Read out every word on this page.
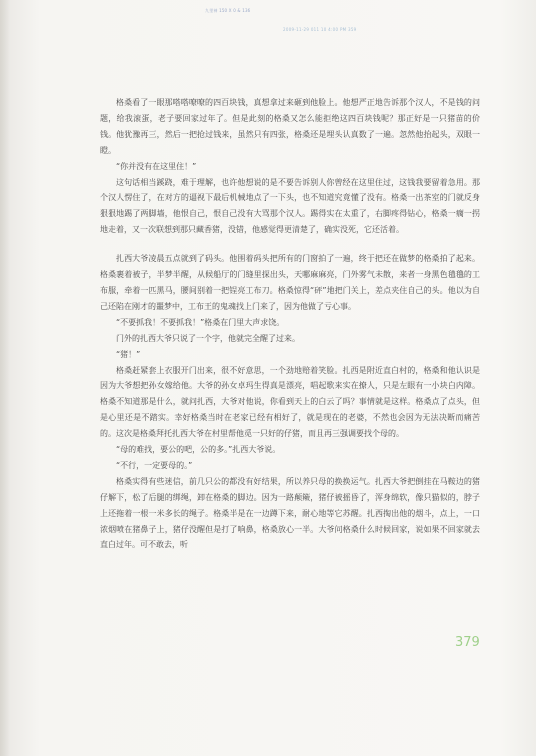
九里神 150 X 0 & 136
2009-11-29 011 10 4:00 PM 359

格桑看了一眼那嗒嗒嘹嘹的四百块钱，真想拿过来砸到他脸上。他想严正地告诉那个汉人，不是钱的问题，给我滚蛋，老子要回家过年了。但是此刻的格桑又怎么能拒绝这四百块钱呢？那正好是一只猪苗的价钱。他犹豫再三，然后一把抢过钱来，虽然只有四张，格桑还是埋头认真数了一遍。忽然他抬起头，双眼一瞪。

“你并没有在这里住！”

这句话相当蹊跷，难于理解，也许他想说的是不要告诉别人你曾经在这里住过，这钱我要留着急用。那个汉人愣住了，在对方的逼视下最后机械地点了一下头，也不知道究竟懂了没有。格桑一出茶室的门就反身狠狠地踢了两脚墙，他恨自己，恨自己没有大骂那个汉人。踢得实在太重了，右脚疼得钻心，格桑一瘸一拐地走着，又一次联想到那只藏香猪，没错，他感觉得更清楚了，确实没死，它还活着。

扎西大爷凌晨五点就到了码头。他围着码头把所有的门窗拍了一遍，终于把还在做梦的格桑拍了起来。格桑裹着被子，半梦半醒，从候船厅的门缝里探出头，天哪麻麻亮，门外雾气未散，来者一身黑色氆氇的工布服，牵着一匹黑马，腰间别着一把锃亮工布刀。格桑惊得“砰”地把门关上，差点夹住自己的头。他以为自己还陷在刚才的噩梦中，工布王的鬼魂找上门来了，因为他做了亏心事。

“不要抓我！不要抓我！”格桑在门里大声求饶。

门外的扎西大爷只说了一个字，他就完全醒了过来。

“猪！”

格桑赶紧套上衣服开门出来，很不好意思，一个劲地赔着笑脸。扎西是附近直白村的，格桑和他认识是因为大爷想把孙女嫁给他。大爷的孙女卓玛生得真是漂亮，唱起歌来实在撩人，只是左眼有一小块白内障。格桑不知道那是什么，就问扎西，大爷对他说，你看到天上的白云了吗？事情就是这样。格桑点了点头，但是心里还是不踏实。幸好格桑当时在老家已经有相好了，就是现在的老婆，不然也会因为无法决断而痛苦的。这次是格桑拜托扎西大爷在村里帮他觅一只好的仔猪，而且再三强调要找个母的。

“母的难找，要公的吧，公的多。”扎西大爷说。

“不行，一定要母的。”

格桑实得有些迷信，前几只公的都没有好结果，所以养只母的换换运气。扎西大爷把倒挂在马鞍边的猪仔解下，松了后腿的绑绳，卸在格桑的脚边。因为一路颠簸，猪仔被摇昏了，浑身绵软，像只猫似的，脖子上还拖着一根一米多长的绳子。格桑半是在一边蹲下来，耐心地等它苏醒。扎西掏出他的烟斗，点上，一口浓烟喷在猪鼻子上，猪仔没醒但是打了响鼻，格桑放心一半。大爷问格桑什么时候回家，说如果不回家就去直白过年。可不敢去，听

379
